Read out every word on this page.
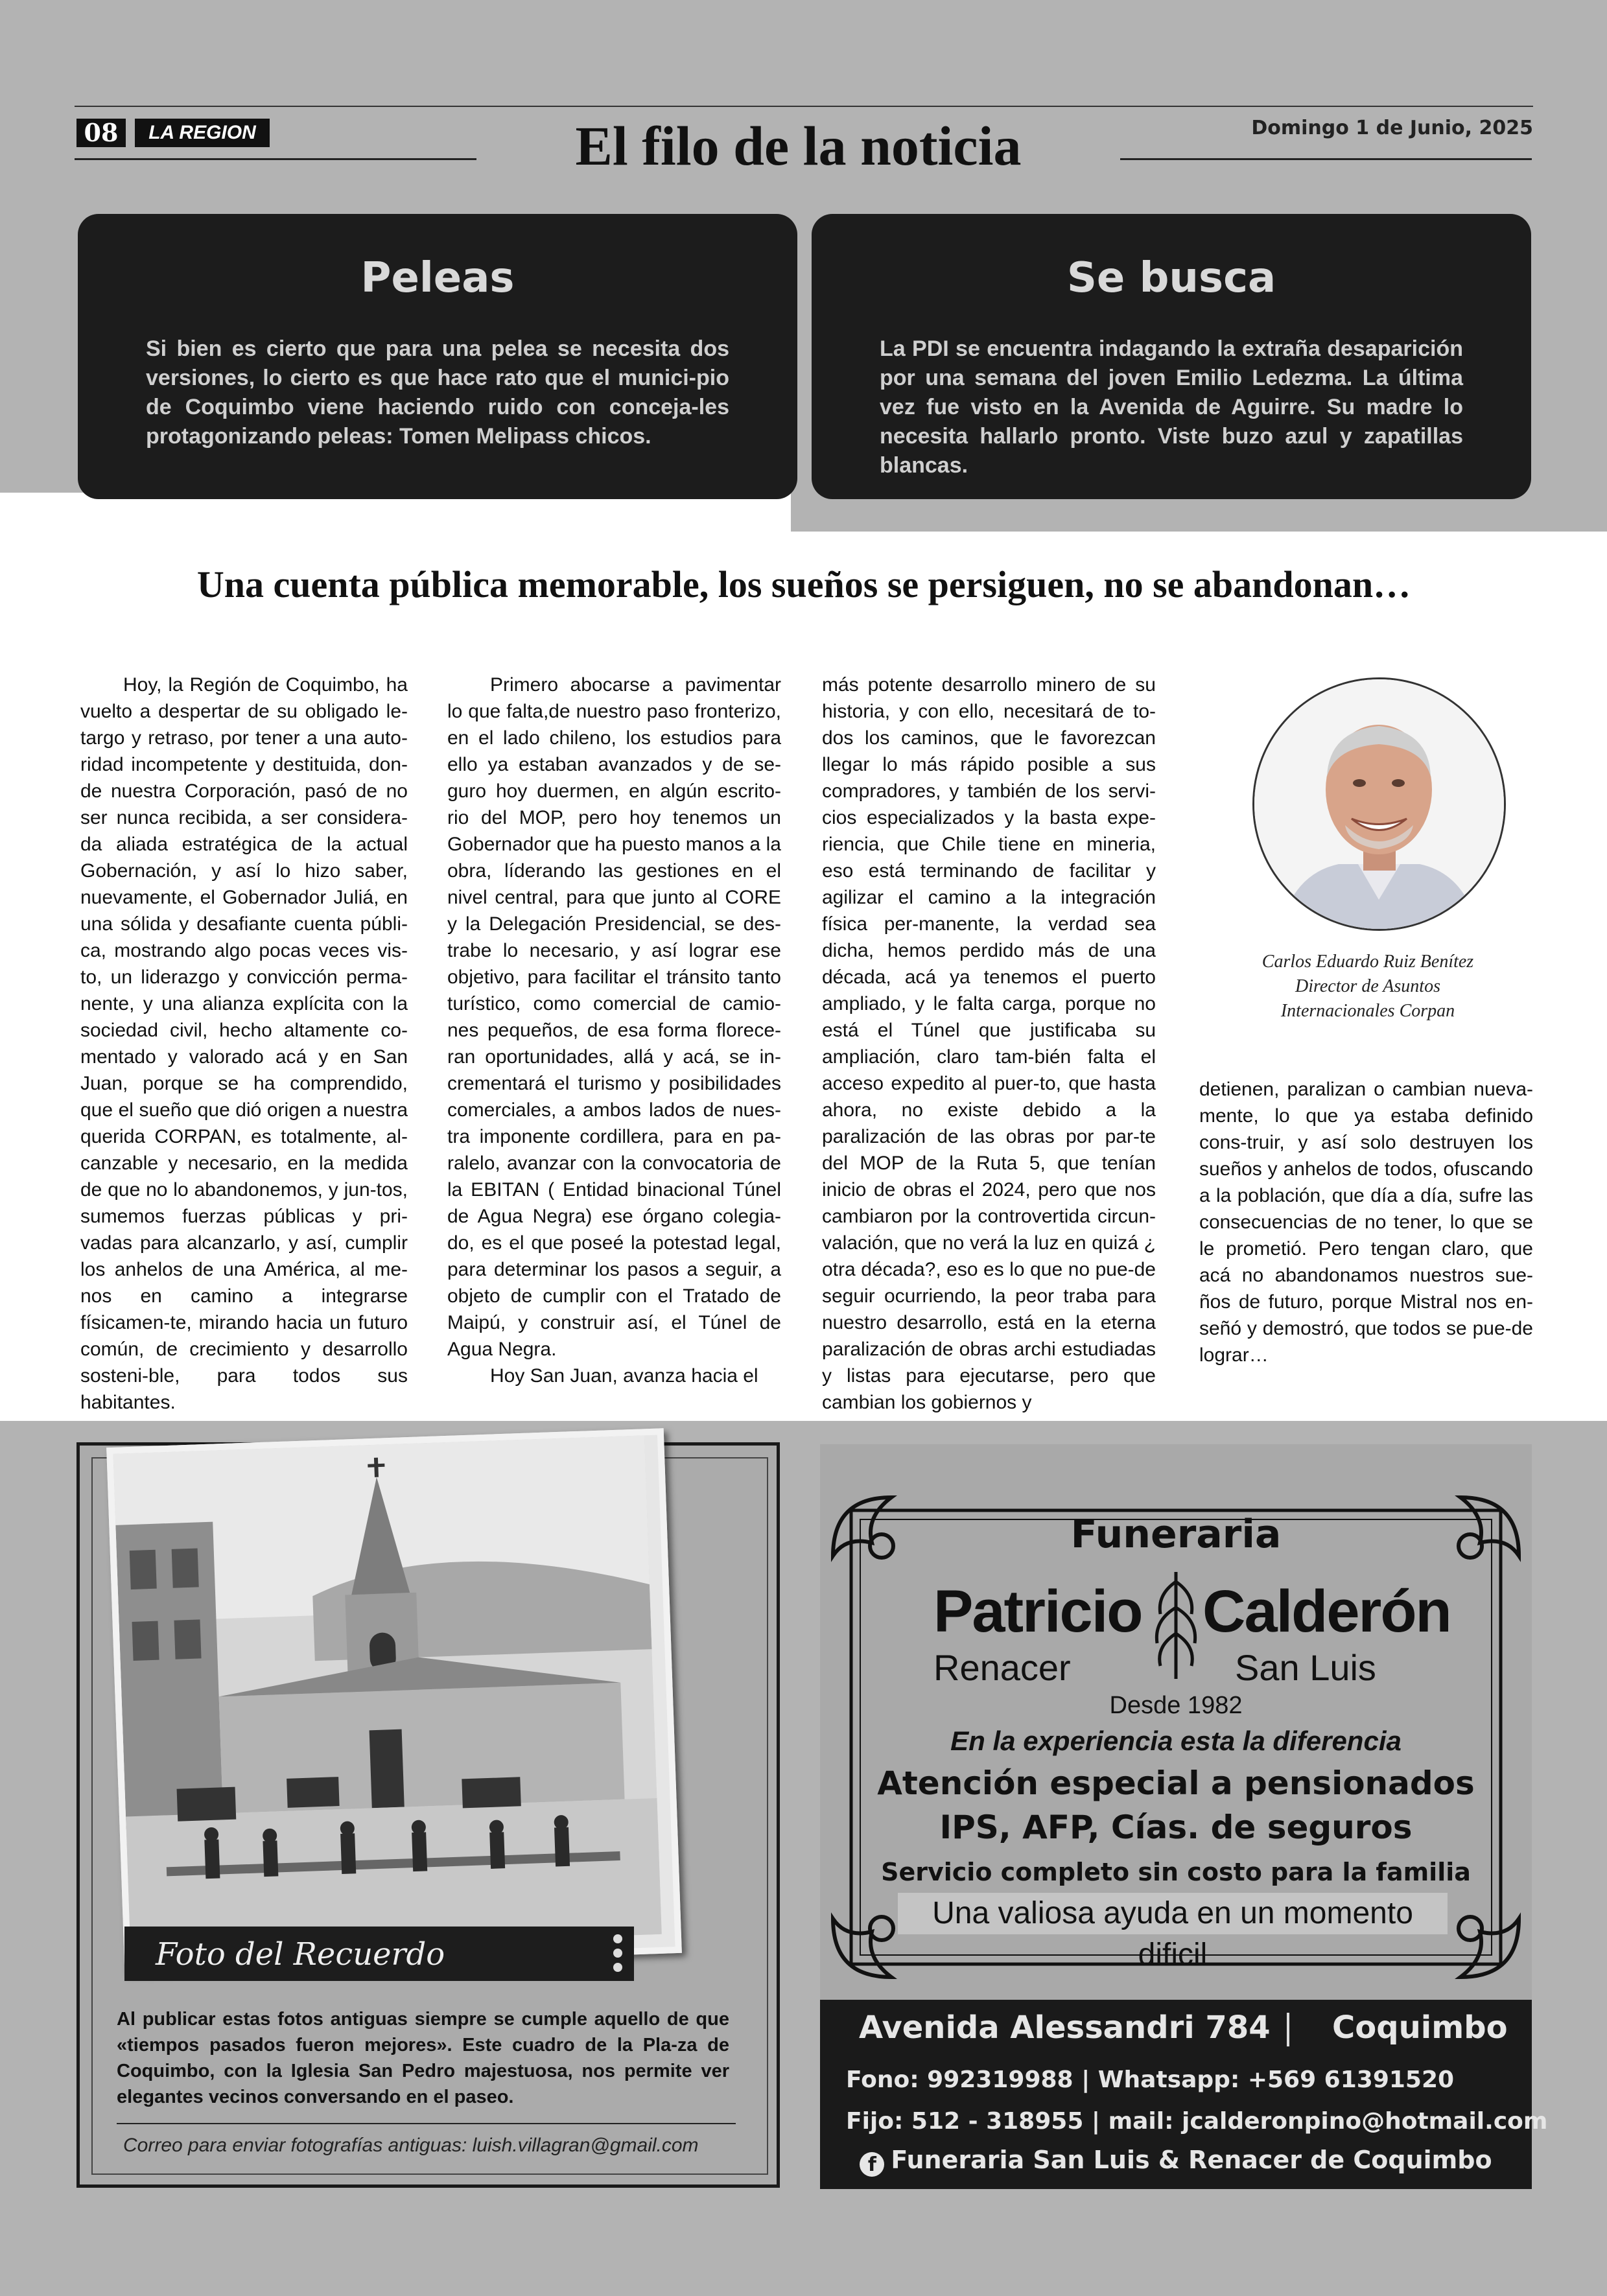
08	LA REGION	El filo de la noticia	Domingo 1 de Junio, 2025
Peleas

Si bien es cierto que para una pelea se necesita dos versiones, lo cierto es que hace rato que el munici-pio de Coquimbo viene haciendo ruido con conceja-les protagonizando peleas: Tomen Melipass chicos.

Se busca

La PDI se encuentra indagando la extraña desaparición por una semana del joven Emilio Ledezma. La última vez fue visto en la Avenida de Aguirre. Su madre lo necesita hallarlo pronto. Viste buzo azul y zapatillas blancas.

Una cuenta pública memorable, los sueños se persiguen, no se abandonan…

Hoy, la Región de Coquimbo, ha vuelto a despertar de su obligado le-targo y retraso, por tener a una auto-ridad incompetente y destituida, don-de nuestra Corporación, pasó de no ser nunca recibida, a ser considera-da aliada estratégica de la actual Gobernación, y así lo hizo saber, nuevamente, el Gobernador Juliá, en una sólida y desafiante cuenta públi-ca, mostrando algo pocas veces vis-to, un liderazgo y convicción perma-nente, y una alianza explícita con la sociedad civil, hecho altamente co-mentado y valorado acá y en San Juan, porque se ha comprendido, que el sueño que dió origen a nuestra querida CORPAN, es totalmente, al-canzable y necesario, en la medida de que no lo abandonemos, y jun-tos, sumemos fuerzas públicas y pri-vadas para alcanzarlo, y así, cumplir los anhelos de una América, al me-nos en camino a integrarse físicamen-te, mirando hacia un futuro común, de crecimiento y desarrollo sosteni-ble, para todos sus habitantes.

Primero abocarse a pavimentar lo que falta,de nuestro paso fronterizo, en el lado chileno, los estudios para ello ya estaban avanzados y de se-guro hoy duermen, en algún escrito-rio del MOP, pero hoy tenemos un Gobernador que ha puesto manos a la obra, líderando las gestiones en el nivel central, para que junto al CORE y la Delegación Presidencial, se des-trabe lo necesario, y así lograr ese objetivo, para facilitar el tránsito tanto turístico, como comercial de camio-nes pequeños, de esa forma florece-ran oportunidades, allá y acá, se in-crementará el turismo y posibilidades comerciales, a ambos lados de nues-tra imponente cordillera, para en pa-ralelo, avanzar con la convocatoria de la EBITAN ( Entidad binacional Túnel de Agua Negra) ese órgano colegia-do, es el que poseé la potestad legal, para determinar los pasos a seguir, a objeto de cumplir con el Tratado de Maipú, y construir así, el Túnel de Agua Negra.

Hoy San Juan, avanza hacia el

más potente desarrollo minero de su historia, y con ello, necesitará de to-dos los caminos, que le favorezcan llegar lo más rápido posible a sus compradores, y también de los servi-cios especializados y la basta expe-riencia, que Chile tiene en mineria, eso está terminando de facilitar y agilizar el camino a la integración física per-manente, la verdad sea dicha, hemos perdido más de una década, acá ya tenemos el puerto ampliado, y le falta carga, porque no está el Túnel que justificaba su ampliación, claro tam-bién falta el acceso expedito al puer-to, que hasta ahora, no existe debido a la paralización de las obras por par-te del MOP de la Ruta 5, que tenían inicio de obras el 2024, pero que nos cambiaron por la controvertida circun-valación, que no verá la luz en quizá ¿ otra década?, eso es lo que no pue-de seguir ocurriendo, la peor traba para nuestro desarrollo, está en la eterna paralización de obras archi estudiadas y listas para ejecutarse, pero que cambian los gobiernos y

detienen, paralizan o cambian nueva-mente, lo que ya estaba definido cons-truir, y así solo destruyen los sueños y anhelos de todos, ofuscando a la población, que día a día, sufre las consecuencias de no tener, lo que se le prometió. Pero tengan claro, que acá no abandonamos nuestros sue-ños de futuro, porque Mistral nos en-señó y demostró, que todos se pue-de lograr…

Carlos Eduardo Ruiz Benítez
Director de Asuntos
Internacionales Corpan
Foto del Recuerdo
Al publicar estas fotos antiguas siempre se cumple aquello de que «tiempos pasados fueron mejores». Este cuadro de la Pla-za de Coquimbo, con la Iglesia San Pedro majestuosa, nos permite ver elegantes vecinos conversando en el paseo.
Correo para enviar fotografías antiguas: luish.villagran@gmail.com
Funeraria
Patricio Calderón
Renacer	San Luis
Desde 1982
En la experiencia esta la diferencia
Atención especial a pensionados
IPS, AFP, Cías. de seguros
Servicio completo sin costo para la familia
Una valiosa ayuda en un momento dificil
Avenida Alessandri 784 Coquimbo
Fono: 992319988 | Whatsapp: +569 61391520
Fijo: 512 - 318955 | mail: jcalderonpino@hotmail.com
f Funeraria San Luis & Renacer de Coquimbo
